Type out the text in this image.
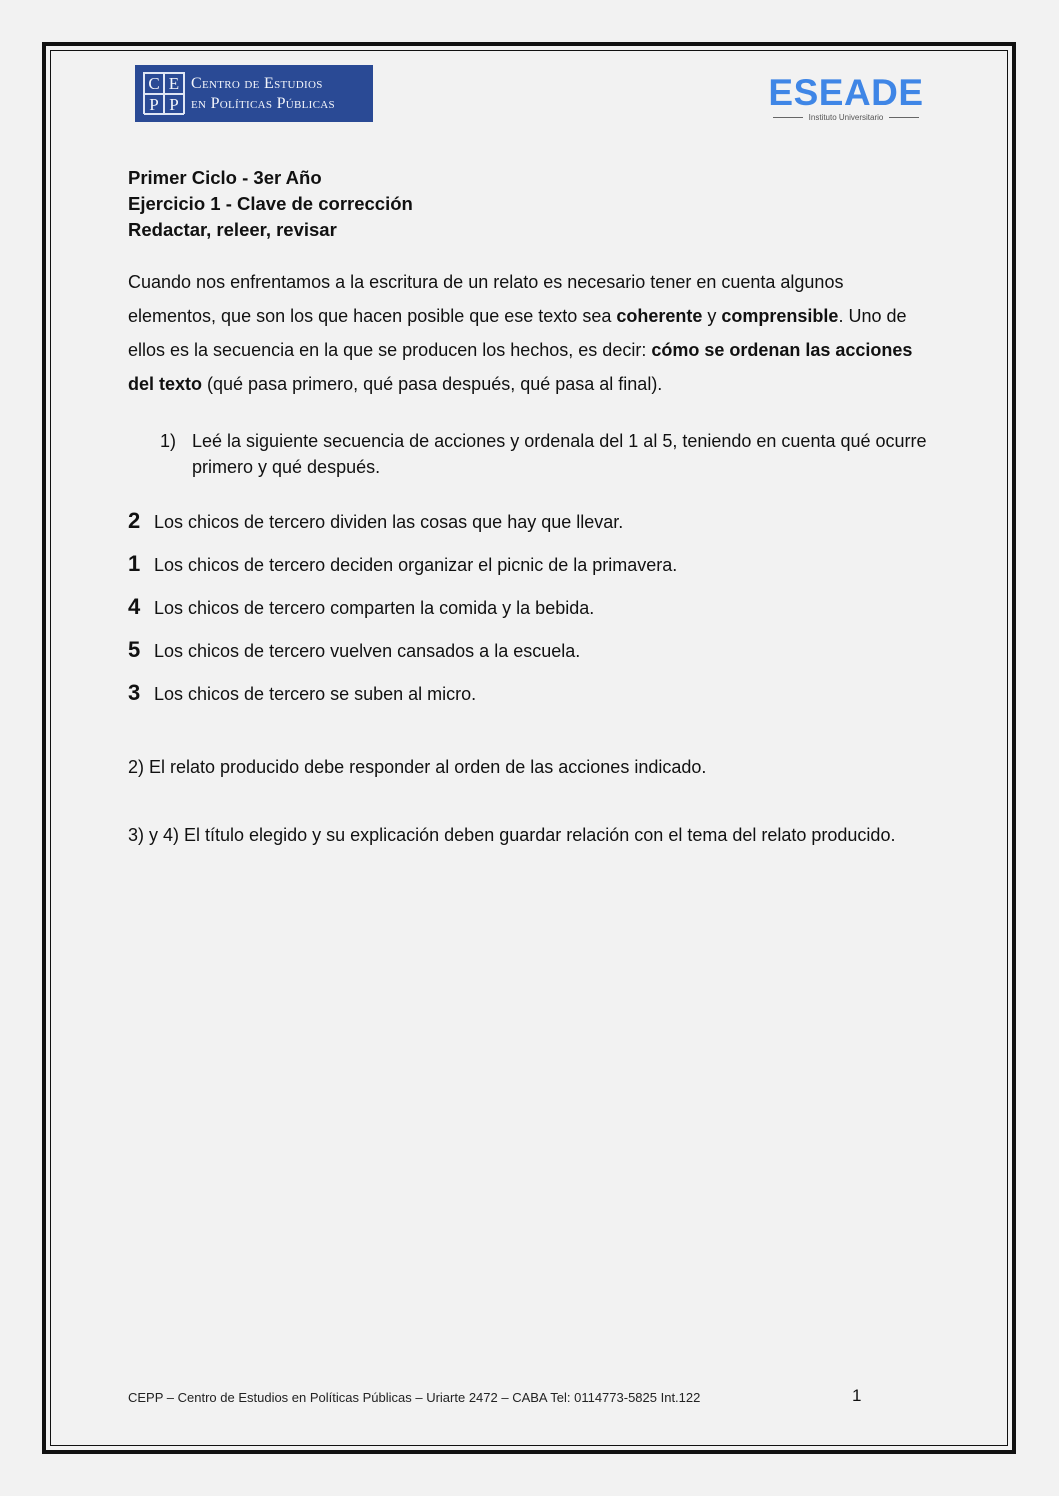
C E
P P
Centro de Estudios
en Políticas Públicas	ESEADE
Instituto Universitario
Primer Ciclo - 3er Año
Ejercicio 1 - Clave de corrección
Redactar, releer, revisar
Cuando nos enfrentamos a la escritura de un relato es necesario tener en cuenta algunos elementos, que son los que hacen posible que ese texto sea coherente y comprensible. Uno de ellos es la secuencia en la que se producen los hechos, es decir: cómo se ordenan las acciones del texto (qué pasa primero, qué pasa después, qué pasa al final).
1) Leé la siguiente secuencia de acciones y ordenala del 1 al 5, teniendo en cuenta qué ocurre primero y qué después.
2 Los chicos de tercero dividen las cosas que hay que llevar.
1 Los chicos de tercero deciden organizar el picnic de la primavera.
4 Los chicos de tercero comparten la comida y la bebida.
5 Los chicos de tercero vuelven cansados a la escuela.
3 Los chicos de tercero se suben al micro.
2) El relato producido debe responder al orden de las acciones indicado.
3) y 4) El título elegido y su explicación deben guardar relación con el tema del relato producido.
CEPP – Centro de Estudios en Políticas Públicas – Uriarte 2472 – CABA Tel: 0114773-5825 Int.122	1
